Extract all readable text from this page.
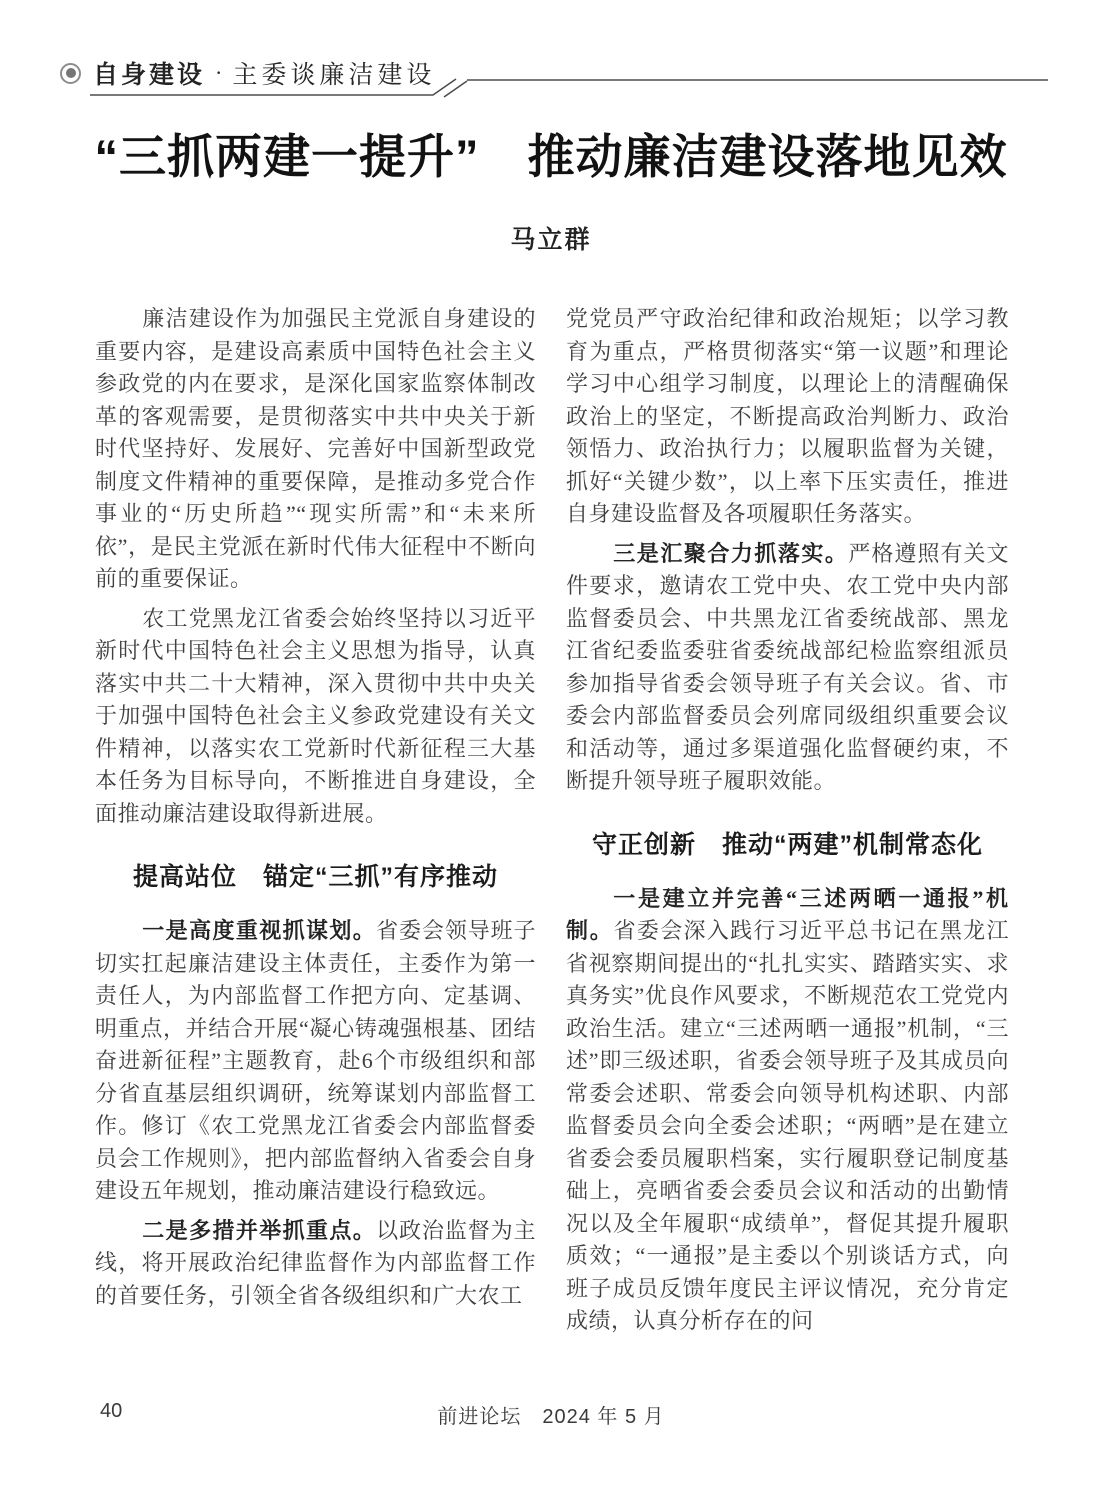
自身建设 · 主委谈廉洁建设
“三抓两建一提升”　推动廉洁建设落地见效
马立群

廉洁建设作为加强民主党派自身建设的重要内容，是建设高素质中国特色社会主义参政党的内在要求，是深化国家监察体制改革的客观需要，是贯彻落实中共中央关于新时代坚持好、发展好、完善好中国新型政党制度文件精神的重要保障，是推动多党合作事业的“历史所趋”“现实所需”和“未来所依”，是民主党派在新时代伟大征程中不断向前的重要保证。

农工党黑龙江省委会始终坚持以习近平新时代中国特色社会主义思想为指导，认真落实中共二十大精神，深入贯彻中共中央关于加强中国特色社会主义参政党建设有关文件精神，以落实农工党新时代新征程三大基本任务为目标导向，不断推进自身建设，全面推动廉洁建设取得新进展。

提高站位　锚定“三抓”有序推动

一是高度重视抓谋划。省委会领导班子切实扛起廉洁建设主体责任，主委作为第一责任人，为内部监督工作把方向、定基调、明重点，并结合开展“凝心铸魂强根基、团结奋进新征程”主题教育，赴6个市级组织和部分省直基层组织调研，统筹谋划内部监督工作。修订《农工党黑龙江省委会内部监督委员会工作规则》，把内部监督纳入省委会自身建设五年规划，推动廉洁建设行稳致远。

二是多措并举抓重点。以政治监督为主线，将开展政治纪律监督作为内部监督工作的首要任务，引领全省各级组织和广大农工

党党员严守政治纪律和政治规矩；以学习教育为重点，严格贯彻落实“第一议题”和理论学习中心组学习制度，以理论上的清醒确保政治上的坚定，不断提高政治判断力、政治领悟力、政治执行力；以履职监督为关键，抓好“关键少数”，以上率下压实责任，推进自身建设监督及各项履职任务落实。

三是汇聚合力抓落实。严格遵照有关文件要求，邀请农工党中央、农工党中央内部监督委员会、中共黑龙江省委统战部、黑龙江省纪委监委驻省委统战部纪检监察组派员参加指导省委会领导班子有关会议。省、市委会内部监督委员会列席同级组织重要会议和活动等，通过多渠道强化监督硬约束，不断提升领导班子履职效能。

守正创新　推动“两建”机制常态化

一是建立并完善“三述两晒一通报”机制。省委会深入践行习近平总书记在黑龙江省视察期间提出的“扎扎实实、踏踏实实、求真务实”优良作风要求，不断规范农工党党内政治生活。建立“三述两晒一通报”机制，“三述”即三级述职，省委会领导班子及其成员向常委会述职、常委会向领导机构述职、内部监督委员会向全委会述职；“两晒”是在建立省委会委员履职档案，实行履职登记制度基础上，亮晒省委会委员会议和活动的出勤情况以及全年履职“成绩单”，督促其提升履职质效；“一通报”是主委以个别谈话方式，向班子成员反馈年度民主评议情况，充分肯定成绩，认真分析存在的问

40	前进论坛　2024 年 5 月
